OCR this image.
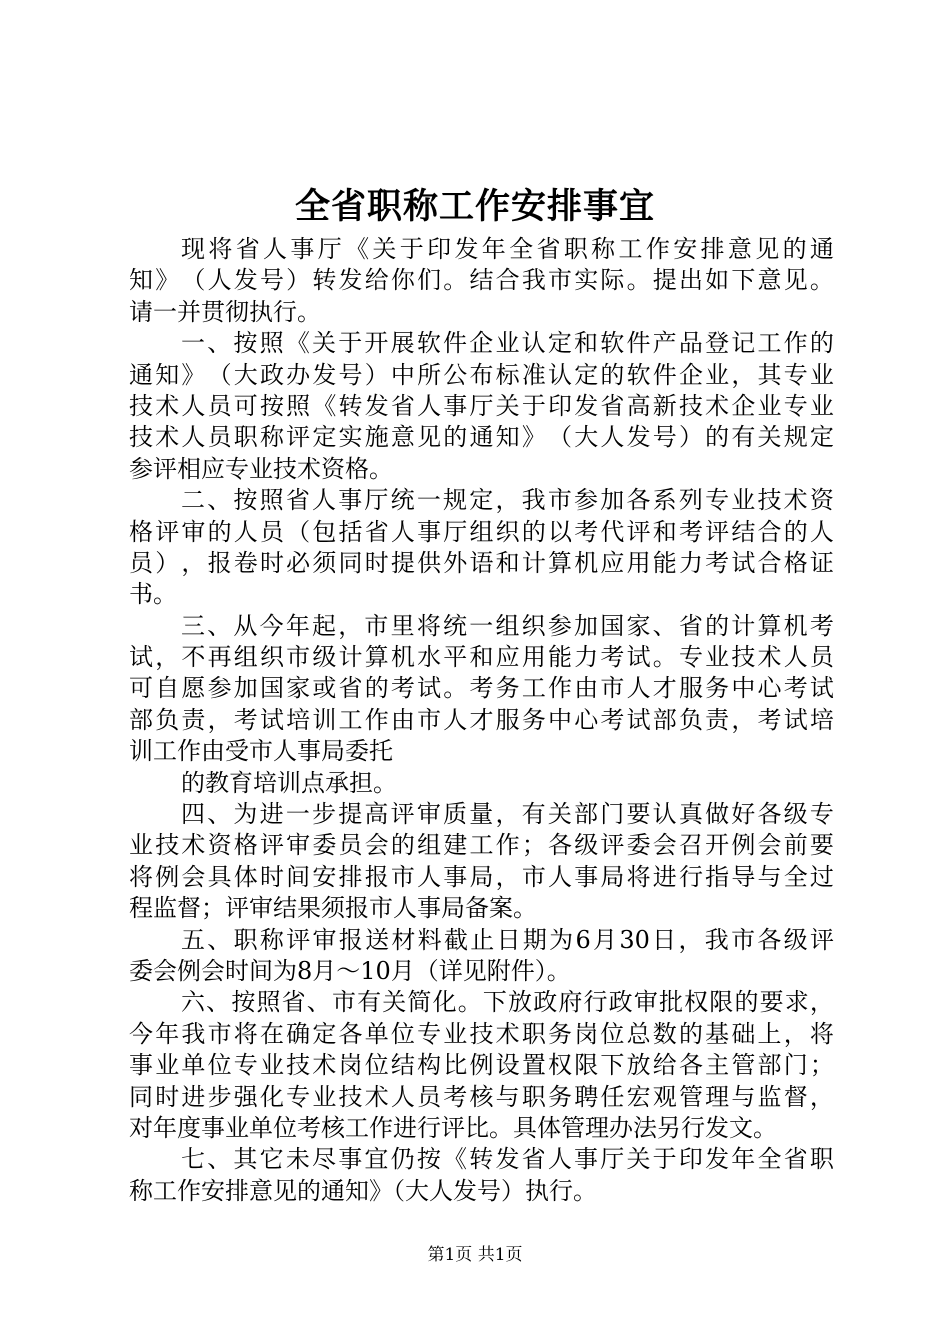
全省职称工作安排事宜
现 将 省 人 事 厅 《 关 于 印 发 年 全 省 职 称 工 作 安 排 意 见 的 通
知 》 （ 人 发 号 ） 转 发 给 你 们 。 结 合 我 市 实 际 。 提 出 如 下 意 见 。
请一并贯彻执行。
一 、 按 照 《 关 于 开 展 软 件 企 业 认 定 和 软 件 产 品 登 记 工 作 的
通 知 》 （ 大 政 办 发 号 ） 中 所 公 布 标 准 认 定 的 软 件 企 业 ， 其 专 业
技 术 人 员 可 按 照 《 转 发 省 人 事 厅 关 于 印 发 省 高 新 技 术 企 业 专 业
技 术 人 员 职 称 评 定 实 施 意 见 的 通 知 》 （ 大 人 发 号 ） 的 有 关 规 定
参评相应专业技术资格。
二 、 按 照 省 人 事 厅 统 一 规 定 ， 我 市 参 加 各 系 列 专 业 技 术 资
格 评 审 的 人 员 （ 包 括 省 人 事 厅 组 织 的 以 考 代 评 和 考 评 结 合 的 人
员 ） ， 报 卷 时 必 须 同 时 提 供 外 语 和 计 算 机 应 用 能 力 考 试 合 格 证
书。
三 、 从 今 年 起 ， 市 里 将 统 一 组 织 参 加 国 家 、 省 的 计 算 机 考
试 ， 不 再 组 织 市 级 计 算 机 水 平 和 应 用 能 力 考 试 。 专 业 技 术 人 员
可 自 愿 参 加 国 家 或 省 的 考 试 。 考 务 工 作 由 市 人 才 服 务 中 心 考 试
部 负 责 ， 考 试 培 训 工 作 由 市 人 才 服 务 中 心 考 试 部 负 责 ， 考 试 培
训工作由受市人事局委托
的教育培训点承担。
四 、 为 进 一 步 提 高 评 审 质 量 ， 有 关 部 门 要 认 真 做 好 各 级 专
业 技 术 资 格 评 审 委 员 会 的 组 建 工 作 ； 各 级 评 委 会 召 开 例 会 前 要
将 例 会 具 体 时 间 安 排 报 市 人 事 局 ， 市 人 事 局 将 进 行 指 导 与 全 过
程监督；评审结果须报市人事局备案。
五 、 职 称 评 审 报 送 材 料 截 止 日 期 为 6 月 30 日 ， 我 市 各 级 评
委会例会时间为8月～10月（详见附件）。
六 、 按 照 省 、 市 有 关 简 化 。 下 放 政 府 行 政 审 批 权 限 的 要 求 ，
今 年 我 市 将 在 确 定 各 单 位 专 业 技 术 职 务 岗 位 总 数 的 基 础 上 ， 将
事 业 单 位 专 业 技 术 岗 位 结 构 比 例 设 置 权 限 下 放 给 各 主 管 部 门 ；
同 时 进 步 强 化 专 业 技 术 人 员 考 核 与 职 务 聘 任 宏 观 管 理 与 监 督 ，
对年度事业单位考核工作进行评比。具体管理办法另行发文。
七 、 其 它 未 尽 事 宜 仍 按 《 转 发 省 人 事 厅 关 于 印 发 年 全 省 职
称工作安排意见的通知》（大人发号）执行。
第1页 共1页
